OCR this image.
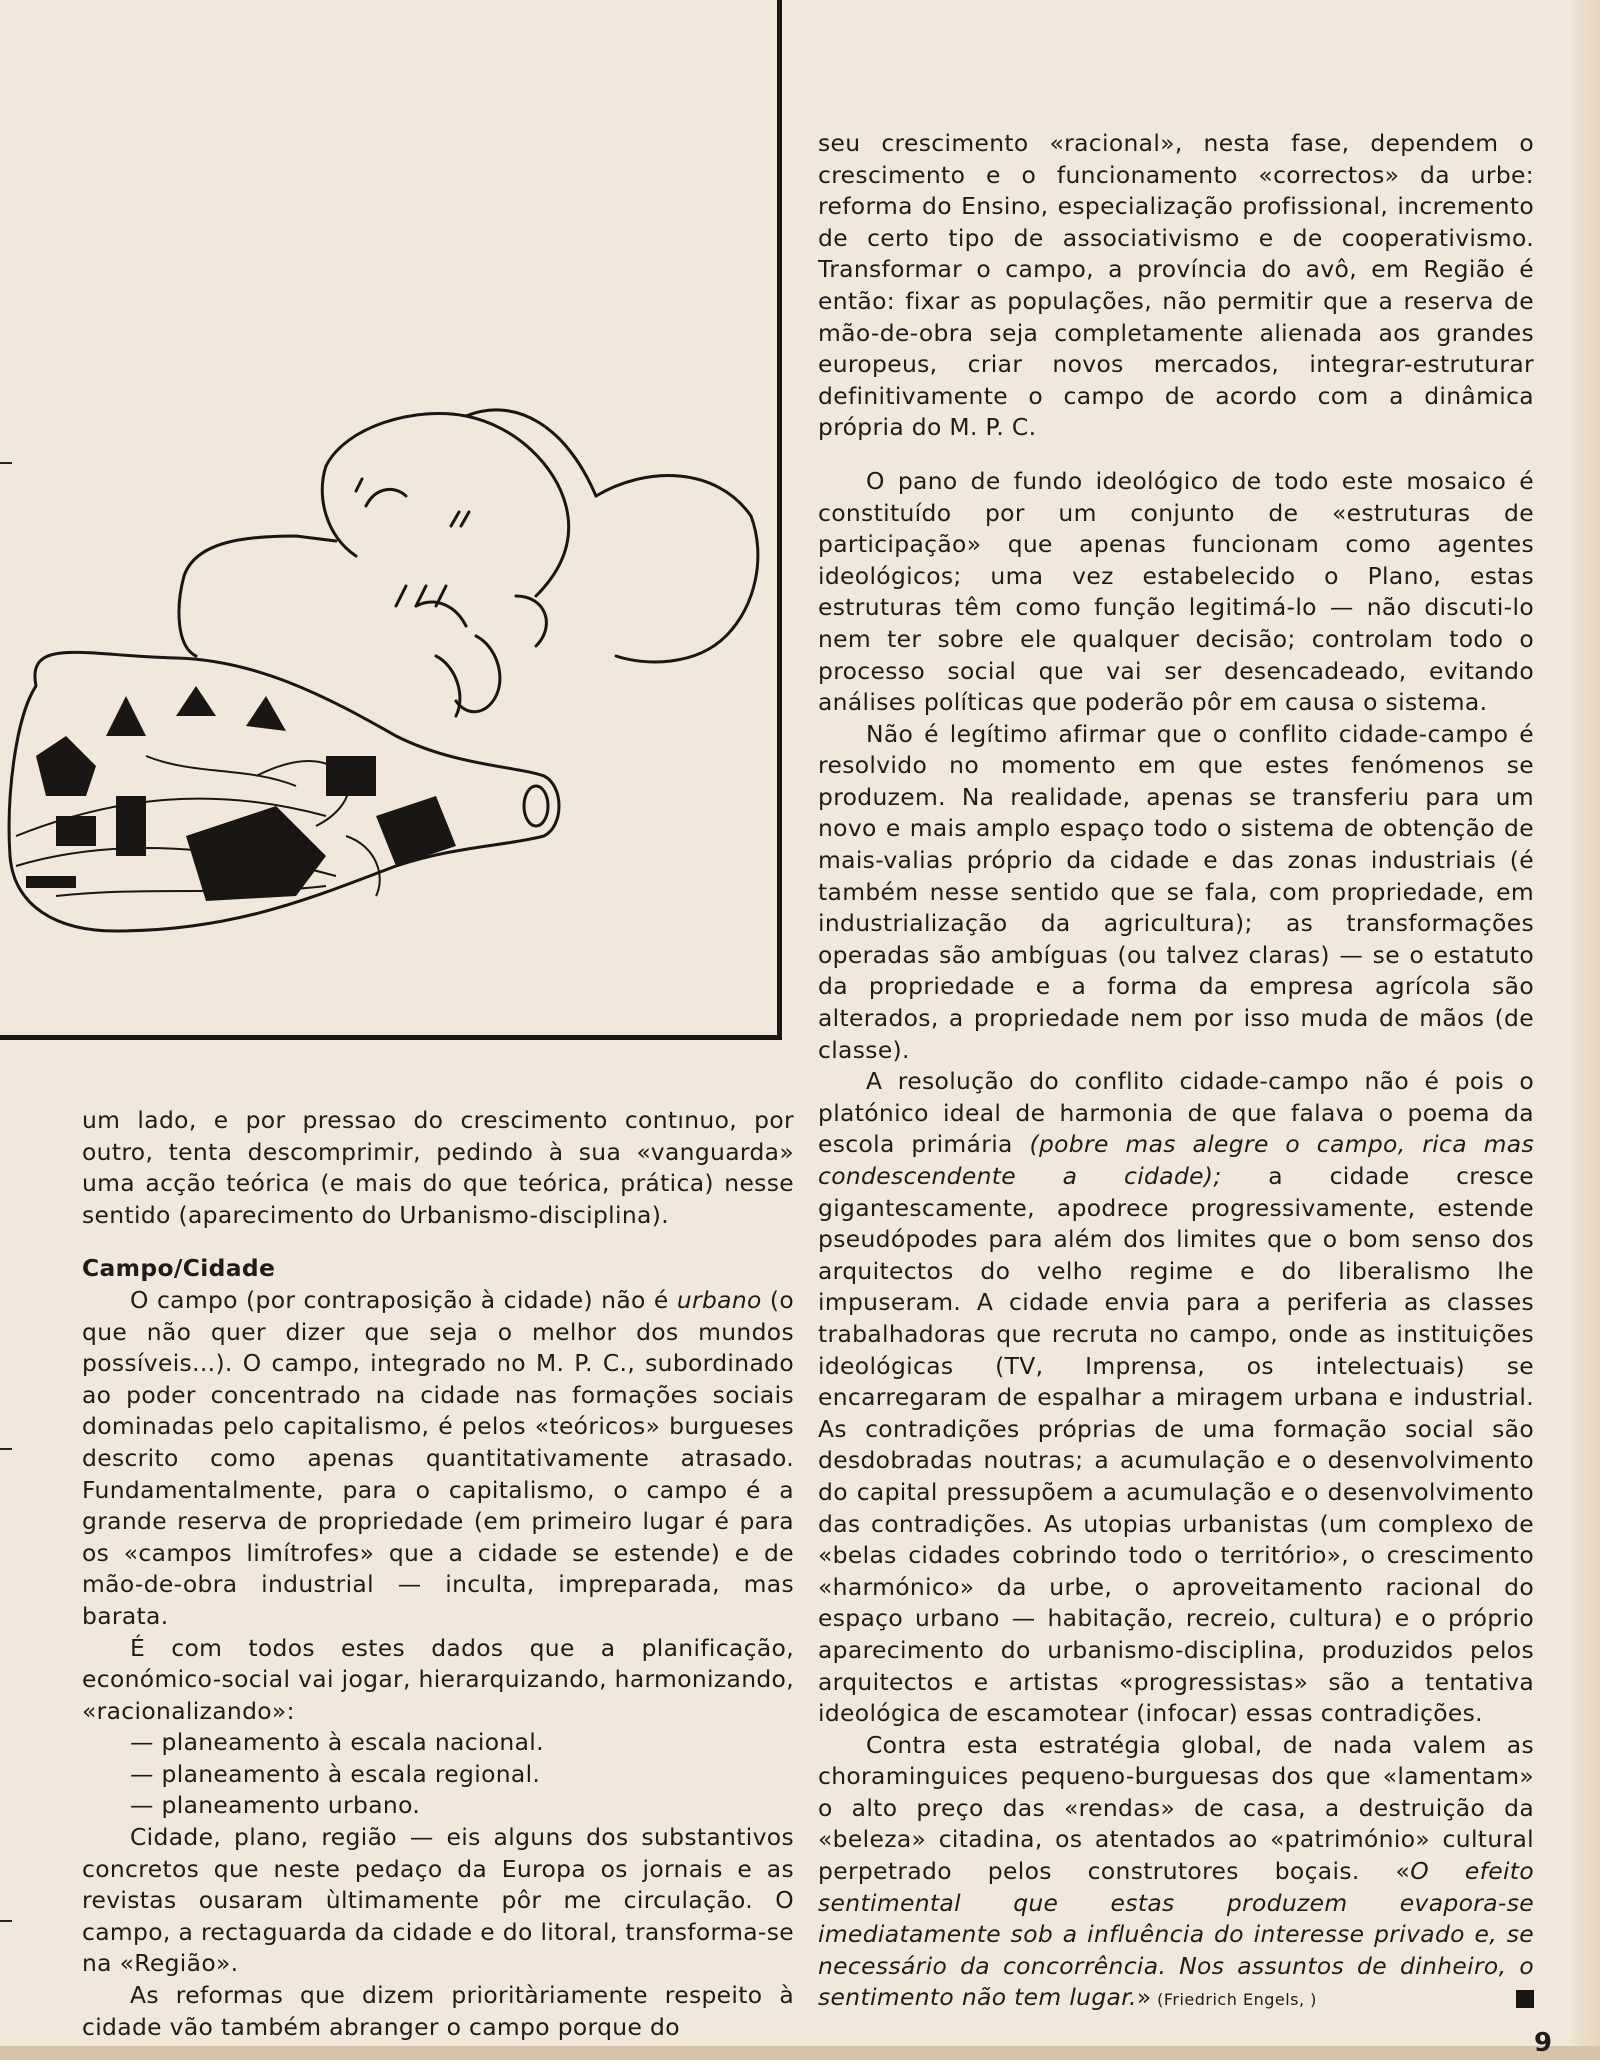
um lado, e por pressao do crescimento contınuo, por outro, tenta descomprimir, pedindo à sua «vanguarda» uma acção teórica (e mais do que teórica, prática) nesse sentido (aparecimento do Urbanismo-disciplina).

Campo/Cidade

O campo (por contraposição à cidade) não é urbano (o que não quer dizer que seja o melhor dos mundos possíveis...). O campo, integrado no M. P. C., subordinado ao poder concentrado na cidade nas formações sociais dominadas pelo capitalismo, é pelos «teóricos» burgueses descrito como apenas quantitativamente atrasado. Fundamentalmente, para o capitalismo, o campo é a grande reserva de propriedade (em primeiro lugar é para os «campos limítrofes» que a cidade se estende) e de mão-de-obra industrial — inculta, impreparada, mas barata.

É com todos estes dados que a planificação, económico-social vai jogar, hierarquizando, harmonizando, «racionalizando»:

— planeamento à escala nacional.

— planeamento à escala regional.

— planeamento urbano.

Cidade, plano, região — eis alguns dos substantivos concretos que neste pedaço da Europa os jornais e as revistas ousaram ùltimamente pôr me circulação. O campo, a rectaguarda da cidade e do litoral, transforma-se na «Região».

As reformas que dizem prioritàriamente respeito à cidade vão também abranger o campo porque do

seu crescimento «racional», nesta fase, dependem o crescimento e o funcionamento «correctos» da urbe: reforma do Ensino, especialização profissional, incremento de certo tipo de associativismo e de cooperativismo. Transformar o campo, a província do avô, em Região é então: fixar as populações, não permitir que a reserva de mão-de-obra seja completamente alienada aos grandes europeus, criar novos mercados, integrar-estruturar definitivamente o campo de acordo com a dinâmica própria do M. P. C.

O pano de fundo ideológico de todo este mosaico é constituído por um conjunto de «estruturas de participação» que apenas funcionam como agentes ideológicos; uma vez estabelecido o Plano, estas estruturas têm como função legitimá-lo — não discuti-lo nem ter sobre ele qualquer decisão; controlam todo o processo social que vai ser desencadeado, evitando análises políticas que poderão pôr em causa o sistema.

Não é legítimo afirmar que o conflito cidade-campo é resolvido no momento em que estes fenómenos se produzem. Na realidade, apenas se transferiu para um novo e mais amplo espaço todo o sistema de obtenção de mais-valias próprio da cidade e das zonas industriais (é também nesse sentido que se fala, com propriedade, em industrialização da agricultura); as transformações operadas são ambíguas (ou talvez claras) — se o estatuto da propriedade e a forma da empresa agrícola são alterados, a propriedade nem por isso muda de mãos (de classe).

A resolução do conflito cidade-campo não é pois o platónico ideal de harmonia de que falava o poema da escola primária (pobre mas alegre o campo, rica mas condescendente a cidade); a cidade cresce gigantescamente, apodrece progressivamente, estende pseudópodes para além dos limites que o bom senso dos arquitectos do velho regime e do liberalismo lhe impuseram. A cidade envia para a periferia as classes trabalhadoras que recruta no campo, onde as instituições ideológicas (TV, Imprensa, os intelectuais) se encarregaram de espalhar a miragem urbana e industrial. As contradições próprias de uma formação social são desdobradas noutras; a acumulação e o desenvolvimento do capital pressupõem a acumulação e o desenvolvimento das contradições. As utopias urbanistas (um complexo de «belas cidades cobrindo todo o território», o crescimento «harmónico» da urbe, o aproveitamento racional do espaço urbano — habitação, recreio, cultura) e o próprio aparecimento do urbanismo-disciplina, produzidos pelos arquitectos e artistas «progressistas» são a tentativa ideológica de escamotear (infocar) essas contradições.

Contra esta estratégia global, de nada valem as choraminguices pequeno-burguesas dos que «lamentam» o alto preço das «rendas» de casa, a destruição da «beleza» citadina, os atentados ao «património» cultural perpetrado pelos construtores boçais. «O efeito sentimental que estas produzem evapora-se imediatamente sob a influência do interesse privado e, se necessário da concorrência. Nos assuntos de dinheiro, o sentimento não tem lugar.» (Friedrich Engels, )

9
